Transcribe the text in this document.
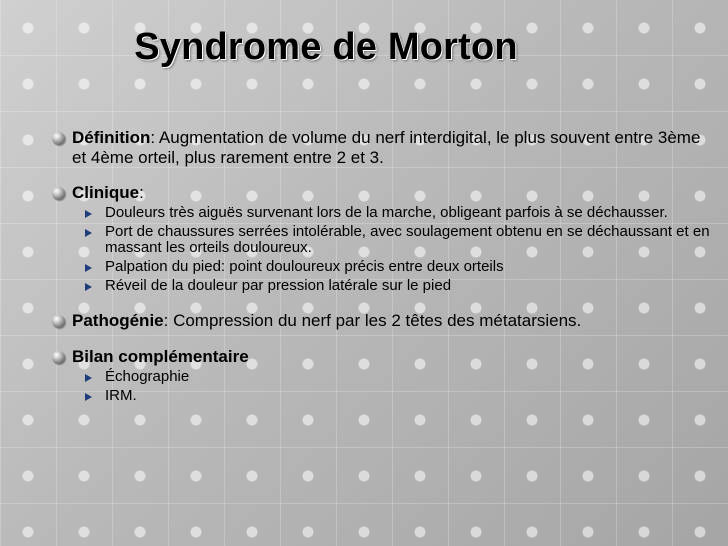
Syndrome de Morton
Définition: Augmentation de volume du nerf interdigital, le plus souvent entre 3ème et 4ème orteil, plus rarement entre 2 et 3.
Clinique:
Douleurs très aiguës survenant lors de la marche, obligeant parfois à se déchausser.
Port de chaussures serrées intolérable, avec soulagement obtenu en se déchaussant et en massant les orteils douloureux.
Palpation du pied: point douloureux précis entre deux orteils
Réveil de la douleur par pression latérale sur le pied
Pathogénie: Compression du nerf par les 2 têtes des métatarsiens.
Bilan complémentaire
Échographie
IRM.
